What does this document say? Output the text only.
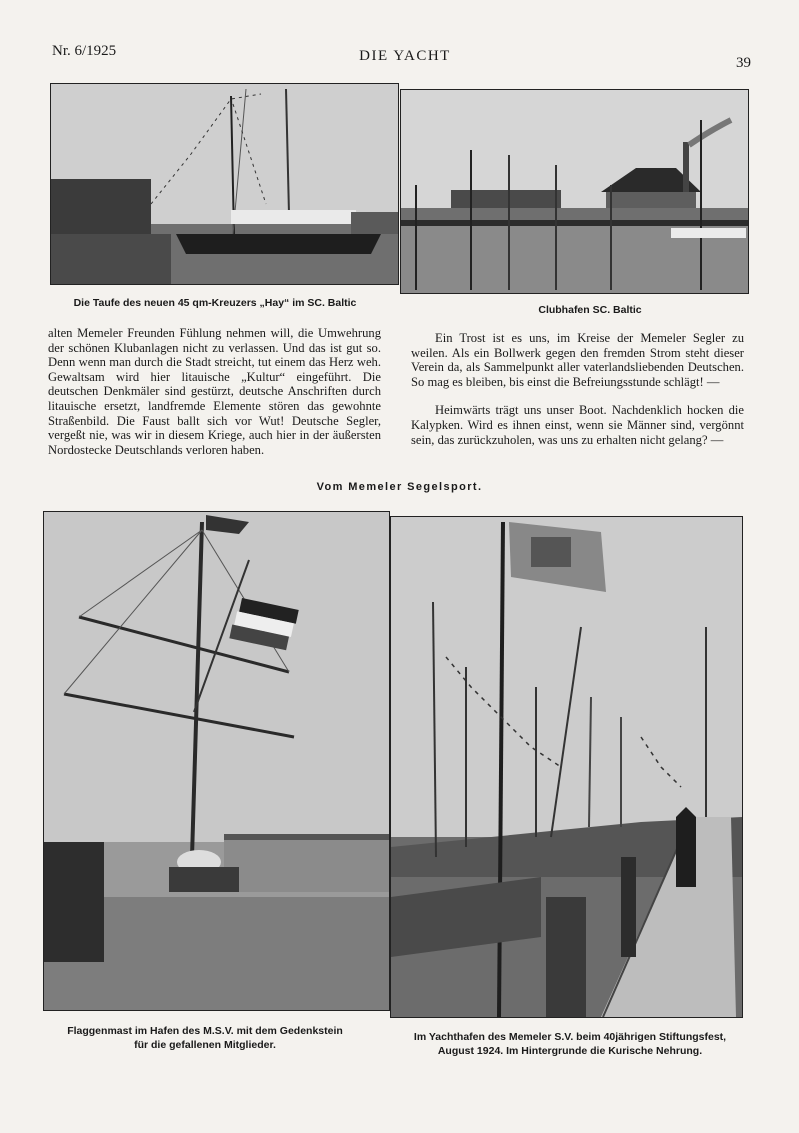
Nr. 6/1925	DIE YACHT	39
Die Taufe des neuen 45 qm-Kreuzers „Hay“ im SC. Baltic
Clubhafen SC. Baltic

alten Memeler Freunden Fühlung nehmen will, die Umwehrung der schönen Klubanlagen nicht zu verlassen. Und das ist gut so. Denn wenn man durch die Stadt streicht, tut einem das Herz weh. Gewaltsam wird hier litauische „Kultur“ eingeführt. Die deutschen Denkmäler sind gestürzt, deutsche Anschriften durch litauische ersetzt, landfremde Elemente stören das gewohnte Straßenbild. Die Faust ballt sich vor Wut! Deutsche Segler, vergeßt nie, was wir in diesem Kriege, auch hier in der äußersten Nordostecke Deutschlands verloren haben.

Ein Trost ist es uns, im Kreise der Memeler Segler zu weilen. Als ein Bollwerk gegen den fremden Strom steht dieser Verein da, als Sammelpunkt aller vaterlandsliebenden Deutschen. So mag es bleiben, bis einst die Befreiungsstunde schlägt! —

Heimwärts trägt uns unser Boot. Nachdenklich hocken die Kalypken. Wird es ihnen einst, wenn sie Männer sind, vergönnt sein, das zurückzuholen, was uns zu erhalten nicht gelang? —

Vom Memeler Segelsport.
Flaggenmast im Hafen des M.S.V. mit dem Gedenkstein
für die gefallenen Mitglieder.
Im Yachthafen des Memeler S.V. beim 40jährigen Stiftungsfest,
August 1924. Im Hintergrunde die Kurische Nehrung.
